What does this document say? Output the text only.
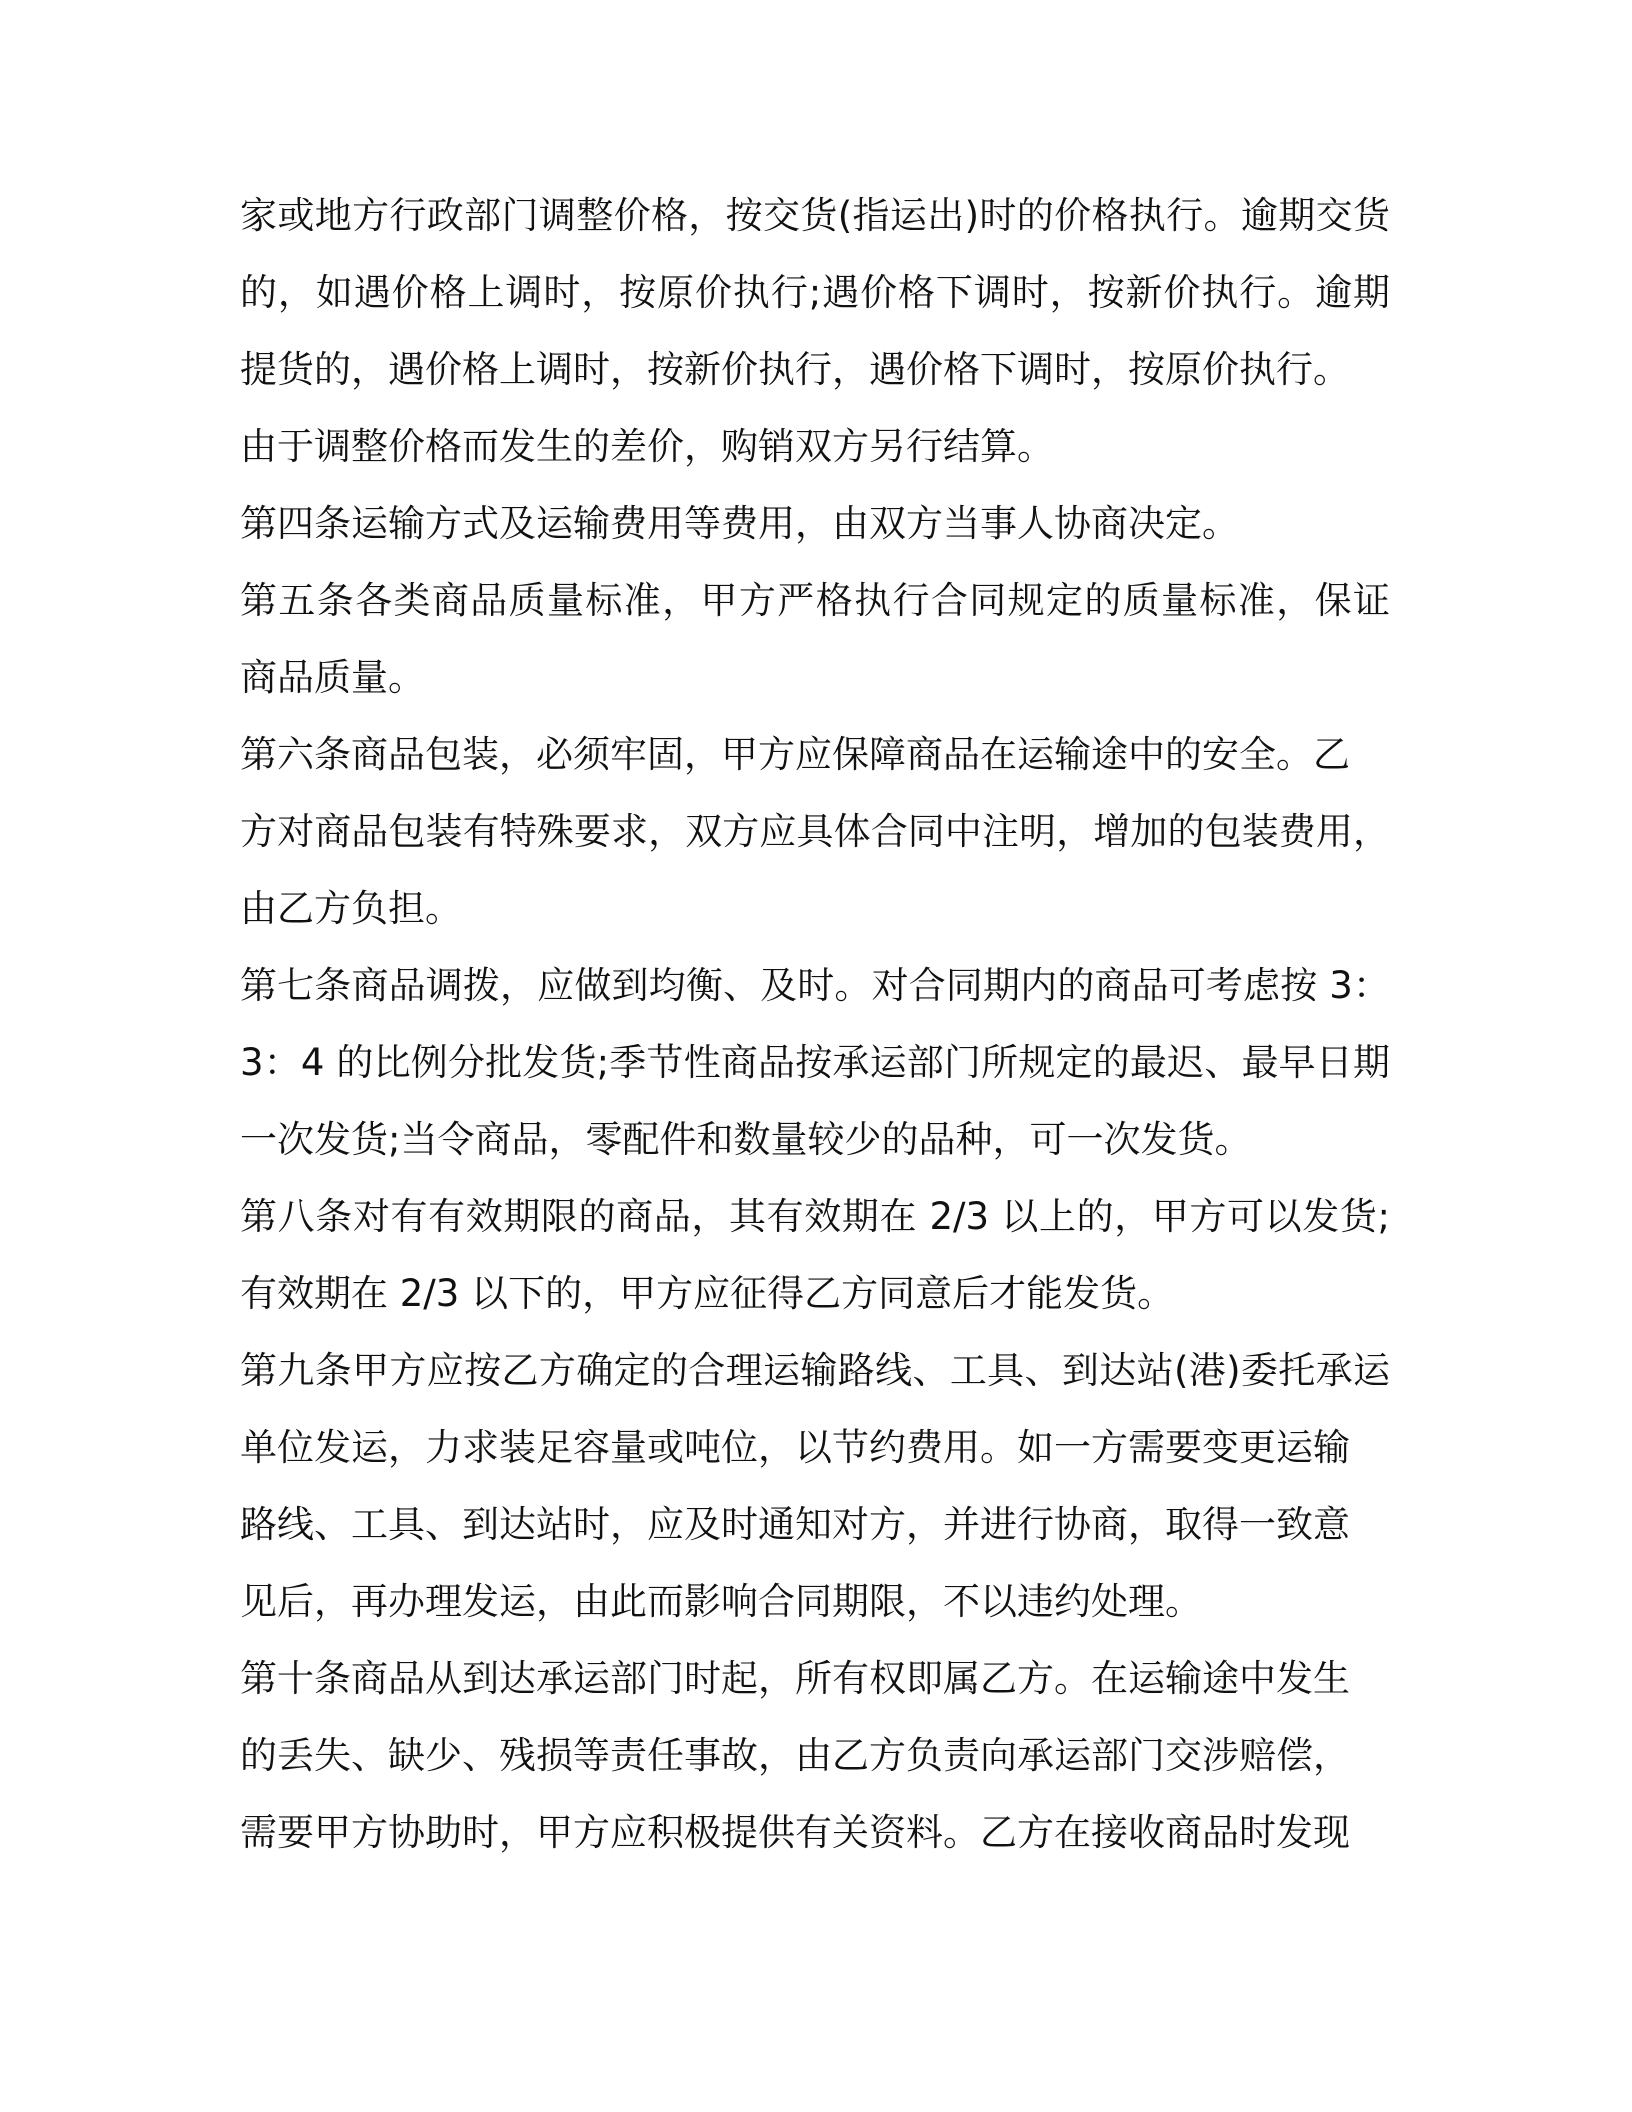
家或地方行政部门调整价格，按交货(指运出)时的价格执行。逾期交货
的，如遇价格上调时，按原价执行;遇价格下调时，按新价执行。逾期
提货的，遇价格上调时，按新价执行，遇价格下调时，按原价执行。
由于调整价格而发生的差价，购销双方另行结算。
第四条运输方式及运输费用等费用，由双方当事人协商决定。
第五条各类商品质量标准，甲方严格执行合同规定的质量标准，保证
商品质量。
第六条商品包装，必须牢固，甲方应保障商品在运输途中的安全。乙
方对商品包装有特殊要求，双方应具体合同中注明，增加的包装费用，
由乙方负担。
第七条商品调拨，应做到均衡、及时。对合同期内的商品可考虑按 3：
3：4 的比例分批发货;季节性商品按承运部门所规定的最迟、最早日期
一次发货;当令商品，零配件和数量较少的品种，可一次发货。
第八条对有有效期限的商品，其有效期在 2/3 以上的，甲方可以发货;
有效期在 2/3 以下的，甲方应征得乙方同意后才能发货。
第九条甲方应按乙方确定的合理运输路线、工具、到达站(港)委托承运
单位发运，力求装足容量或吨位，以节约费用。如一方需要变更运输
路线、工具、到达站时，应及时通知对方，并进行协商，取得一致意
见后，再办理发运，由此而影响合同期限，不以违约处理。
第十条商品从到达承运部门时起，所有权即属乙方。在运输途中发生
的丢失、缺少、残损等责任事故，由乙方负责向承运部门交涉赔偿，
需要甲方协助时，甲方应积极提供有关资料。乙方在接收商品时发现
